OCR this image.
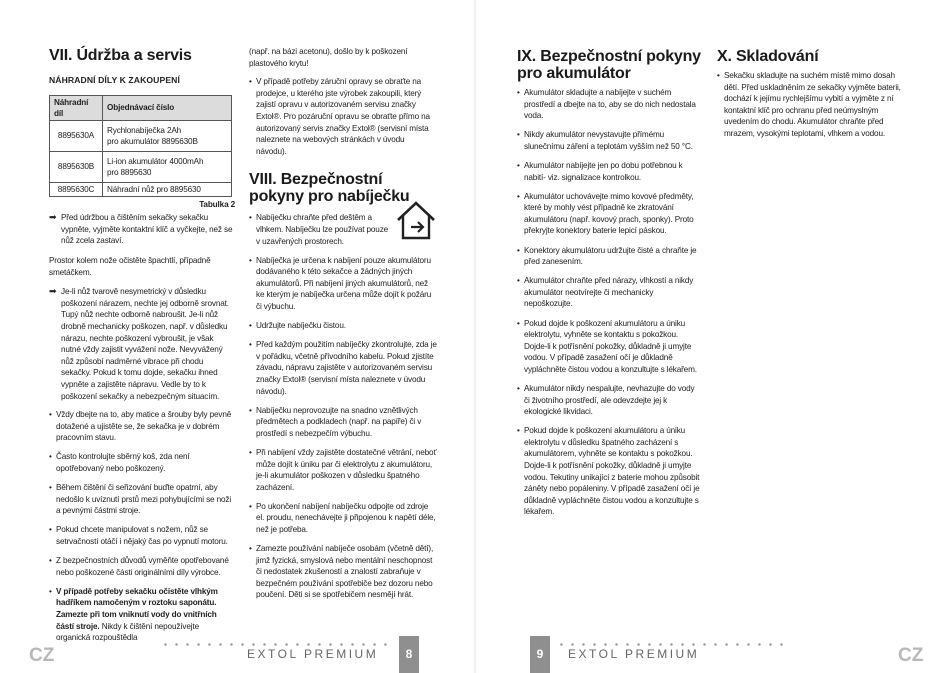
VII. Údržba a servis

NÁHRADNÍ DÍLY K ZAKOUPENÍ

Náhradní díl	Objednávací číslo
8895630A	Rychlonabíječka 2Ah
pro akumulátor 8895630B
8895630B	Li-ion akumulátor 4000mAh
pro 8895630
8895630C	Náhradní nůž pro 8895630
Tabulka 2
➡ Před údržbou a čištěním sekačky sekačku vypněte, vyjměte kontaktní klíč a vyčkejte, než se nůž zcela zastaví.
Prostor kolem nože očistěte špachtlí, případně smetáčkem.
➡ Je-li nůž tvarově nesymetrický v důsledku poškození nárazem, nechte jej odborně srovnat. Tupý nůž nechte odborně nabroušit. Je-li nůž drobně mechanicky poškozen, např. v důsledku nárazu, nechte poškození vybroušit, je však nutné vždy zajistit vyvážení nože. Nevyvážený nůž způsobí nadměrné vibrace při chodu sekačky. Pokud k tomu dojde, sekačku ihned vypněte a zajistěte nápravu. Vedle by to k poškození sekačky a nebezpečným situacím.
• Vždy dbejte na to, aby matice a šrouby byly pevně dotažené a ujistěte se, že sekačka je v dobrém pracovním stavu.
• Často kontrolujte sběrný koš, zda není opotřebovaný nebo poškozený.
• Během čištění či seřizování buďte opatrní, aby nedošlo k uvíznutí prstů mezi pohybujícími se noži a pevnými částmi stroje.
• Pokud chcete manipulovat s nožem, nůž se setrvačností otáčí i nějaký čas po vypnutí motoru.
• Z bezpečnostních důvodů vyměňte opotřebované nebo poškozené části originálními díly výrobce.
• V případě potřeby sekačku očistěte vlhkým hadříkem namočeným v roztoku saponátu. Zamezte při tom vniknutí vody do vnitřních částí stroje. Nikdy k čištění nepoužívejte organická rozpouštědla
(např. na bázi acetonu), došlo by k poškození plastového krytu!
• V případě potřeby záruční opravy se obraťte na prodejce, u kterého jste výrobek zakoupili, který zajistí opravu v autorizovaném servisu značky Extol®. Pro pozáruční opravu se obraťte přímo na autorizovaný servis značky Extol® (servisní místa naleznete na webových stránkách v úvodu návodu).
VIII. Bezpečnostní pokyny pro nabíječku
• Nabíječku chraňte před deštěm a vlhkem. Nabíječku lze používat pouze v uzavřených prostorech.
• Nabíječka je určena k nabíjení pouze akumulátoru dodávaného k této sekačce a žádných jiných akumulátorů. Při nabíjení jiných akumulátorů, než ke kterým je nabíječka určena může dojít k požáru či výbuchu.
• Udržujte nabíječku čistou.
• Před každým použitím nabíječky zkontrolujte, zda je v pořádku, včetně přívodního kabelu. Pokud zjistíte závadu, nápravu zajistěte v autorizovaném servisu značky Extol® (servisní místa naleznete v úvodu návodu).
• Nabíječku neprovozujte na snadno vznětlivých předmětech a podkladech (např. na papíře) či v prostředí s nebezpečím výbuchu.
• Při nabíjení vždy zajistěte dostatečné větrání, neboť může dojít k úniku par či elektrolytu z akumulátoru, je-li akumulátor poškozen v důsledku špatného zacházení.
• Po ukončení nabíjení nabíječku odpojte od zdroje el. proudu, nenechávejte ji připojenou k napětí déle, než je potřeba.
• Zamezte používání nabíječe osobám (včetně dětí), jimž fyzická, smyslová nebo mentální neschopnost či nedostatek zkušeností a znalostí zabraňuje v bezpečném používání spotřebiče bez dozoru nebo poučení. Děti si se spotřebičem nesmějí hrát.
IX. Bezpečnostní pokyny pro akumulátor
• Akumulátor skladujte a nabíjejte v suchém prostředí a dbejte na to, aby se do nich nedostala voda.
• Nikdy akumulátor nevystavujte přímému slunečnímu záření a teplotám vyšším než 50 °C.
• Akumulátor nabíjejte jen po dobu potřebnou k nabití- viz. signalizace kontrolkou.
• Akumulátor uchovávejte mimo kovové předměty, které by mohly vést případně ke zkratování akumulátoru (např. kovový prach, sponky). Proto překryjte konektory baterie lepicí páskou.
• Konektory akumulátoru udržujte čisté a chraňte je před zanesením.
• Akumulátor chraňte před nárazy, vlhkostí a nikdy akumulátor neotvírejte či mechanicky nepoškozujte.
• Pokud dojde k poškození akumulátoru a úniku elektrolytu, vyhněte se kontaktu s pokožkou. Dojde-li k potřísnění pokožky, důkladně ji umyjte vodou. V případě zasažení očí je důkladně vypláchněte čistou vodou a konzultujte s lékařem.
• Akumulátor nikdy nespalujte, nevhazujte do vody či životního prostředí, ale odevzdejte jej k ekologické likvidaci.
• Pokud dojde k poškození akumulátoru a úniku elektrolytu v důsledku špatného zacházení s akumulátorem, vyhněte se kontaktu s pokožkou. Dojde-li k potřísnění pokožky, důkladně ji umyjte vodou. Tekutiny unikající z baterie mohou způsobit záněty nebo popáleniny. V případě zasažení očí je důkladně vypláchněte čistou vodou a konzultujte s lékařem.
X. Skladování
• Sekačku skladujte na suchém místě mimo dosah dětí. Před uskladněním ze sekačky vyjměte baterii, dochází k jejímu rychlejšímu vybití a vyjměte z ní kontaktní klíč pro ochranu před neúmyslným uvedením do chodu. Akumulátor chraňte před mrazem, vysokými teplotami, vlhkem a vodou.
CZ	CZ
EXTOL PREMIUM	EXTOL PREMIUM
8	9
